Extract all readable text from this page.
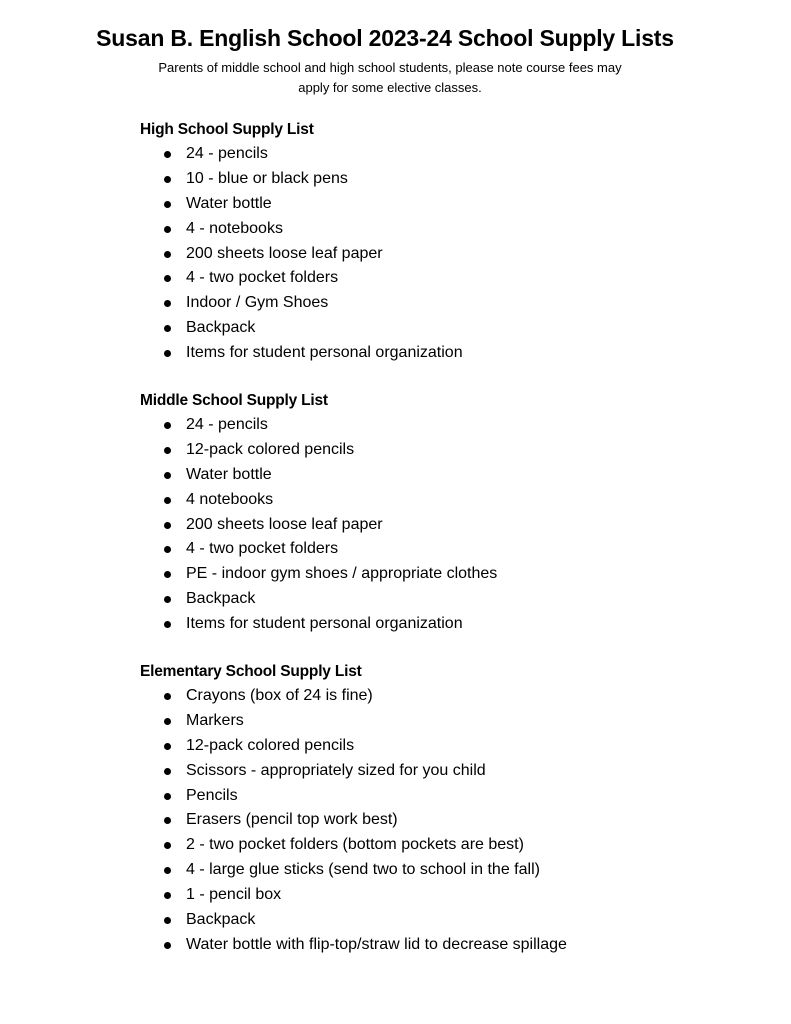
Susan B. English School 2023-24 School Supply Lists
Parents of middle school and high school students, please note course fees may
apply for some elective classes.
High School Supply List
24 - pencils
10 - blue or black pens
Water bottle
4 - notebooks
200 sheets loose leaf paper
4 - two pocket folders
Indoor / Gym Shoes
Backpack
Items for student personal organization
Middle School Supply List
24 - pencils
12-pack colored pencils
Water bottle
4 notebooks
200 sheets loose leaf paper
4 - two pocket folders
PE - indoor gym shoes / appropriate clothes
Backpack
Items for student personal organization
Elementary School Supply List
Crayons (box of 24 is fine)
Markers
12-pack colored pencils
Scissors - appropriately sized for you child
Pencils
Erasers (pencil top work best)
2 - two pocket folders (bottom pockets are best)
4 - large glue sticks (send two to school in the fall)
1 - pencil box
Backpack
Water bottle with flip-top/straw lid to decrease spillage
